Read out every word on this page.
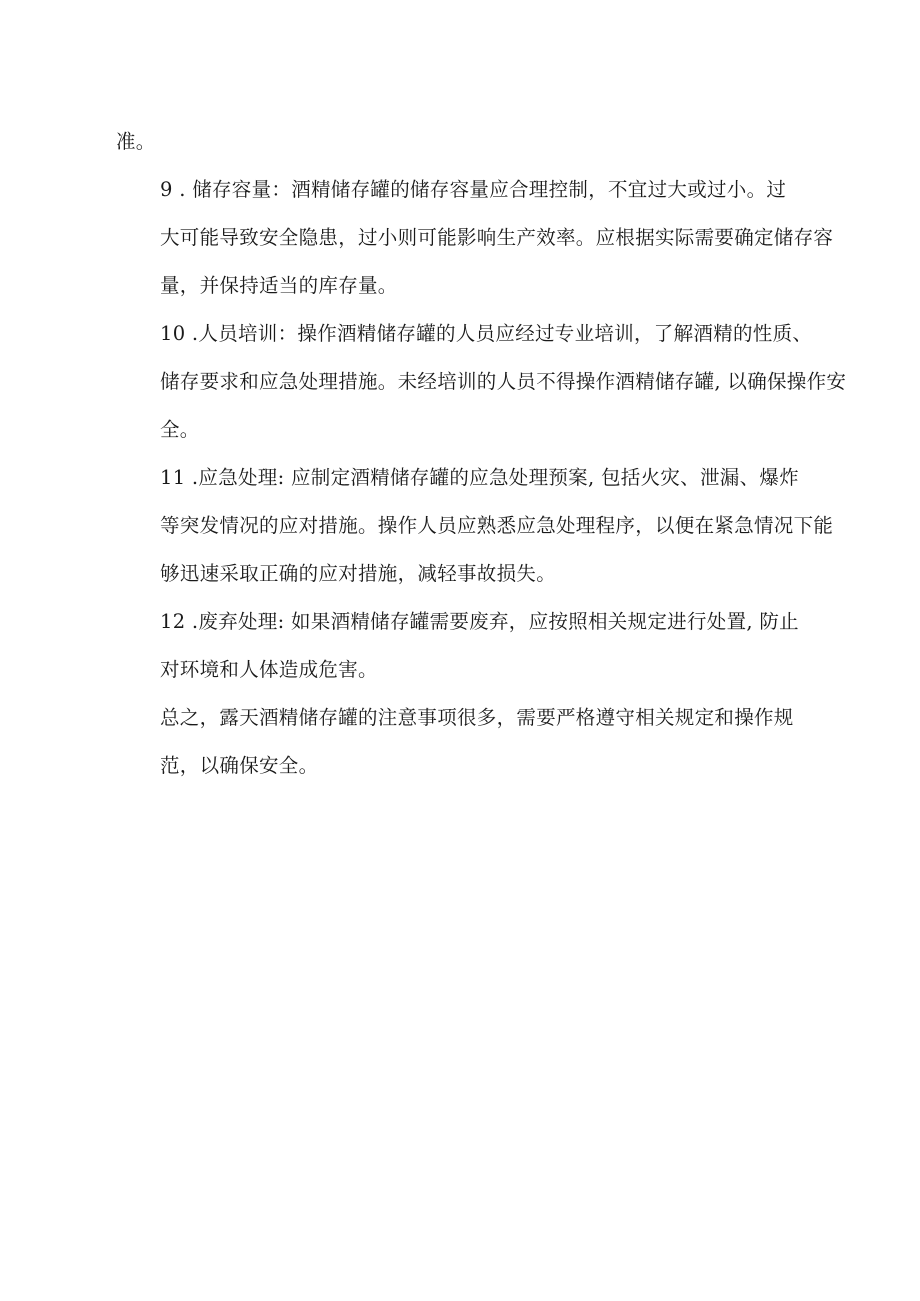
准。

9 . 储存容量：酒精储存罐的储存容量应合理控制，不宜过大或过小。过
大可能导致安全隐患，过小则可能影响生产效率。应根据实际需要确定储存容
量，并保持适当的库存量。

10 .人员培训：操作酒精储存罐的人员应经过专业培训，了解酒精的性质、
储存要求和应急处理措施。未经培训的人员不得操作酒精储存罐, 以确保操作安
全。

11 .应急处理: 应制定酒精储存罐的应急处理预案, 包括火灾、泄漏、爆炸
等突发情况的应对措施。操作人员应熟悉应急处理程序，以便在紧急情况下能
够迅速采取正确的应对措施，减轻事故损失。

12 .废弃处理: 如果酒精储存罐需要废弃，应按照相关规定进行处置, 防止
对环境和人体造成危害。

总之，露天酒精储存罐的注意事项很多，需要严格遵守相关规定和操作规
范，以确保安全。
